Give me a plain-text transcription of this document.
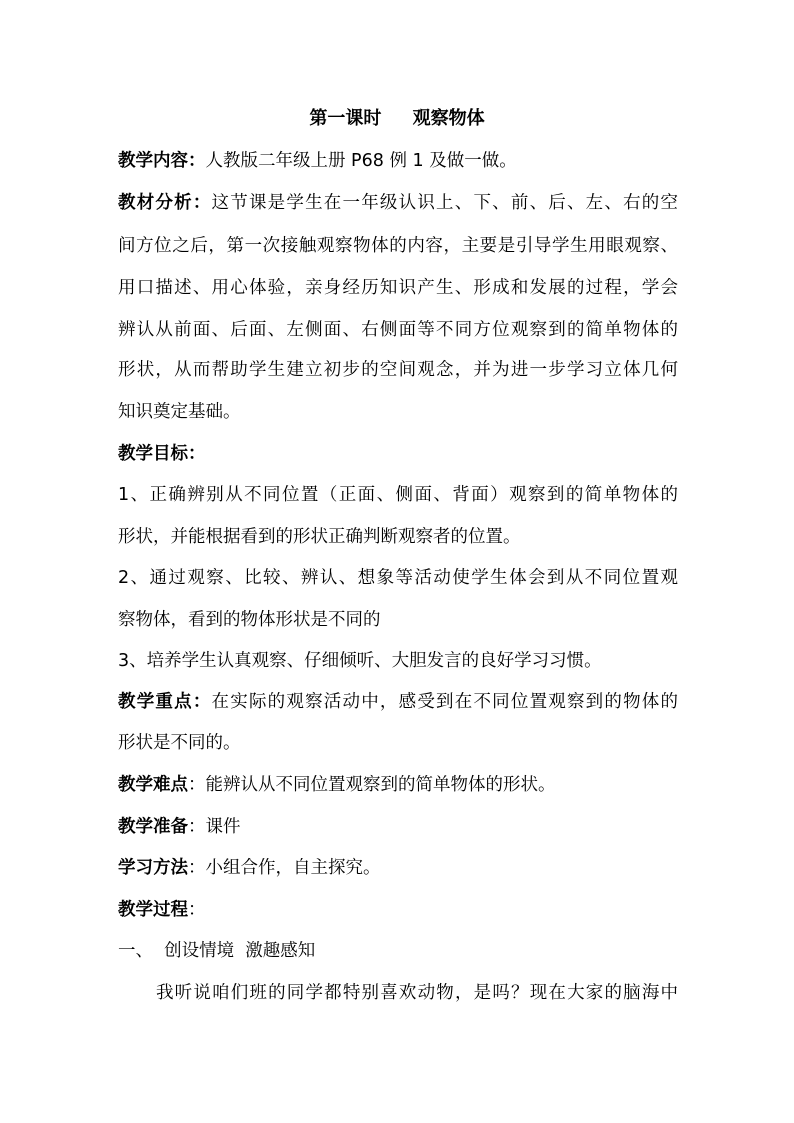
第一课时     观察物体
教学内容：人教版二年级上册 P68 例 1 及做一做。
教材分析：这节课是学生在一年级认识上、下、前、后、左、右的空
间方位之后，第一次接触观察物体的内容，主要是引导学生用眼观察、
用口描述、用心体验，亲身经历知识产生、形成和发展的过程，学会
辨认从前面、后面、左侧面、右侧面等不同方位观察到的简单物体的
形状，从而帮助学生建立初步的空间观念，并为进一步学习立体几何
知识奠定基础。
教学目标：
1、正确辨别从不同位置（正面、侧面、背面）观察到的简单物体的
形状，并能根据看到的形状正确判断观察者的位置。
2、通过观察、比较、辨认、想象等活动使学生体会到从不同位置观
察物体，看到的物体形状是不同的
3、培养学生认真观察、仔细倾听、大胆发言的良好学习习惯。
教学重点：在实际的观察活动中，感受到在不同位置观察到的物体的
形状是不同的。
教学难点：能辨认从不同位置观察到的简单物体的形状。
教学准备：课件
学习方法：小组合作，自主探究。
教学过程：
一、  创设情境  激趣感知
我听说咱们班的同学都特别喜欢动物，是吗？现在大家的脑海中
